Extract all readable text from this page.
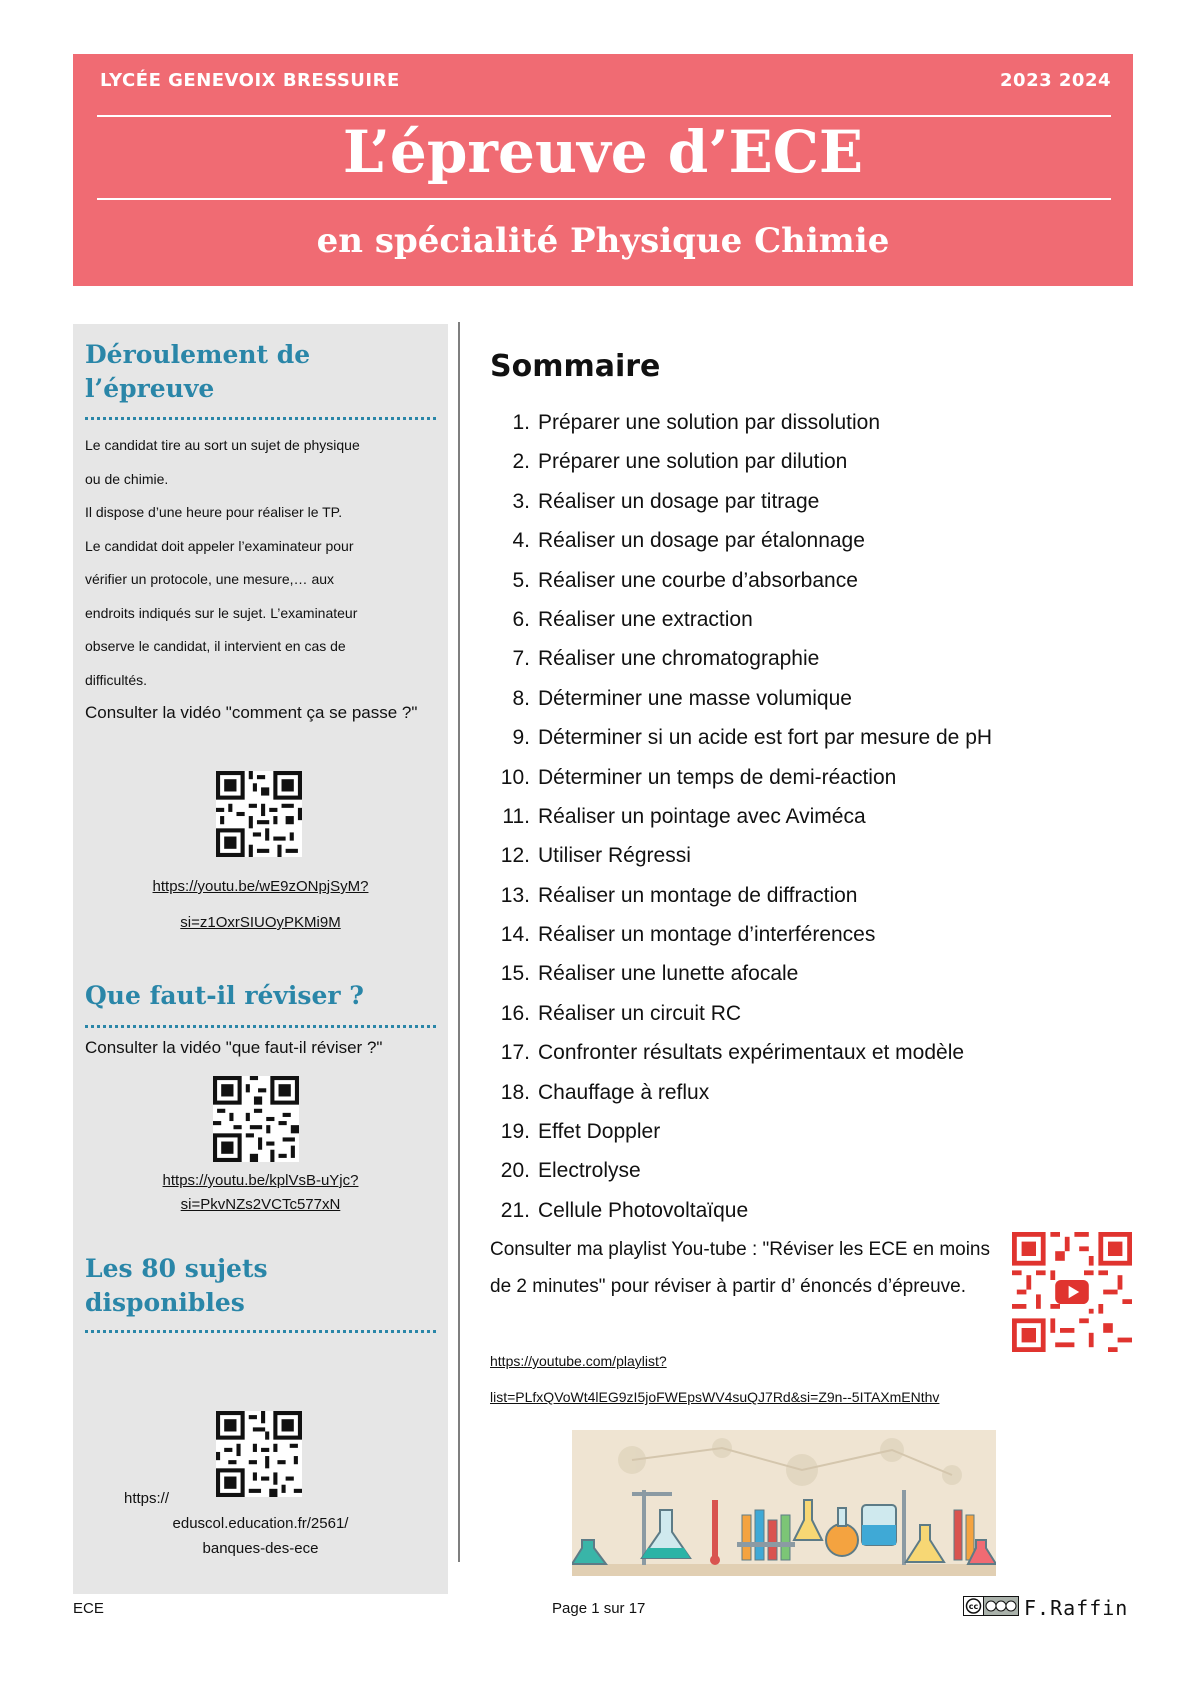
LYCÉE GENEVOIX BRESSUIRE	2023 2024
L’épreuve d’ECE
en spécialité Physique Chimie
Déroulement de
l’épreuve
Le candidat tire au sort un sujet de physique
ou de chimie.
Il dispose d’une heure pour réaliser le TP.
Le candidat doit appeler l’examinateur pour
vérifier un protocole, une mesure,… aux
endroits indiqués sur le sujet. L’examinateur
observe le candidat, il intervient en cas de
difficultés.
Consulter la vidéo "comment ça se passe ?"
https://youtu.be/wE9zONpjSyM?
si=z1OxrSIUOyPKMi9M
Que faut-il réviser ?
Consulter la vidéo "que faut-il réviser ?"
https://youtu.be/kplVsB-uYjc?
si=PkvNZs2VCTc577xN
Les 80 sujets
disponibles
https://
eduscol.education.fr/2561/
banques-des-ece
Sommaire
1. Préparer une solution par dissolution
2. Préparer une solution par dilution
3. Réaliser un dosage par titrage
4. Réaliser un dosage par étalonnage
5. Réaliser une courbe d’absorbance
6. Réaliser une extraction
7. Réaliser une chromatographie
8. Déterminer une masse volumique
9. Déterminer si un acide est fort par mesure de pH
10. Déterminer un temps de demi-réaction
11. Réaliser un pointage avec Aviméca
12. Utiliser Régressi
13. Réaliser un montage de diffraction
14. Réaliser un montage d’interférences
15. Réaliser une lunette afocale
16. Réaliser un circuit RC
17. Confronter résultats expérimentaux et modèle
18. Chauffage à reflux
19. Effet Doppler
20. Electrolyse
21. Cellule Photovoltaïque
Consulter ma playlist You-tube : "Réviser les ECE en moins de 2 minutes" pour réviser à partir d’ énoncés d’épreuve.
https://youtube.com/playlist?
list=PLfxQVoWt4lEG9zI5joFWEpsWV4suQJ7Rd&si=Z9n--5ITAXmENthv
ECE	Page 1 sur 17	cc F.Raffin
